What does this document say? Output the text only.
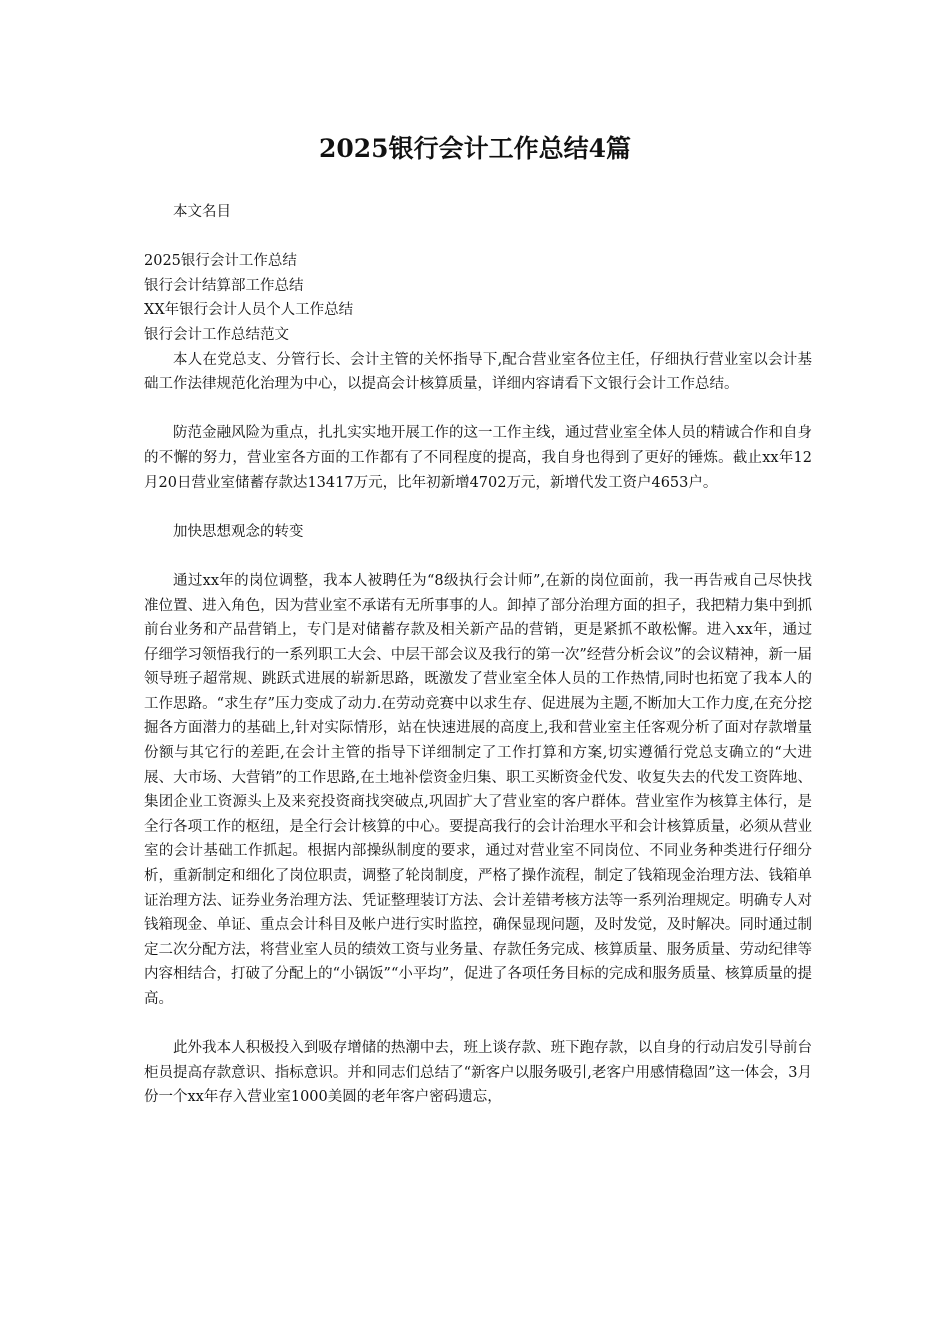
2025银行会计工作总结4篇

本文名目

2025银行会计工作总结

银行会计结算部工作总结

XX年银行会计人员个人工作总结

银行会计工作总结范文

本人在党总支、分管行长、会计主管的关怀指导下,配合营业室各位主任，仔细执行营业室以会计基础工作法律规范化治理为中心，以提高会计核算质量，详细内容请看下文银行会计工作总结。

防范金融风险为重点，扎扎实实地开展工作的这一工作主线，通过营业室全体人员的精诚合作和自身的不懈的努力，营业室各方面的工作都有了不同程度的提高，我自身也得到了更好的锤炼。截止xx年12月20日营业室储蓄存款达13417万元，比年初新增4702万元，新增代发工资户4653户。

加快思想观念的转变

通过xx年的岗位调整，我本人被聘任为“8级执行会计师”,在新的岗位面前，我一再告戒自己尽快找准位置、进入角色，因为营业室不承诺有无所事事的人。卸掉了部分治理方面的担子，我把精力集中到抓前台业务和产品营销上，专门是对储蓄存款及相关新产品的营销，更是紧抓不敢松懈。进入xx年，通过仔细学习领悟我行的一系列职工大会、中层干部会议及我行的第一次”经营分析会议”的会议精神，新一届领导班子超常规、跳跃式进展的崭新思路，既激发了营业室全体人员的工作热情,同时也拓宽了我本人的工作思路。“求生存”压力变成了动力.在劳动竞赛中以求生存、促进展为主题,不断加大工作力度,在充分挖掘各方面潜力的基础上,针对实际情形，站在快速进展的高度上,我和营业室主任客观分析了面对存款增量份额与其它行的差距,在会计主管的指导下详细制定了工作打算和方案,切实遵循行党总支确立的“大进展、大市场、大营销”的工作思路,在土地补偿资金归集、职工买断资金代发、收复失去的代发工资阵地、集团企业工资源头上及来兖投资商找突破点,巩固扩大了营业室的客户群体。营业室作为核算主体行，是全行各项工作的枢纽，是全行会计核算的中心。要提高我行的会计治理水平和会计核算质量，必须从营业室的会计基础工作抓起。根据内部操纵制度的要求，通过对营业室不同岗位、不同业务种类进行仔细分析，重新制定和细化了岗位职责，调整了轮岗制度，严格了操作流程，制定了钱箱现金治理方法、钱箱单证治理方法、证券业务治理方法、凭证整理装订方法、会计差错考核方法等一系列治理规定。明确专人对钱箱现金、单证、重点会计科目及帐户进行实时监控，确保显现问题，及时发觉，及时解决。同时通过制定二次分配方法，将营业室人员的绩效工资与业务量、存款任务完成、核算质量、服务质量、劳动纪律等内容相结合，打破了分配上的“小锅饭”“小平均”，促进了各项任务目标的完成和服务质量、核算质量的提高。

此外我本人积极投入到吸存增储的热潮中去，班上谈存款、班下跑存款，以自身的行动启发引导前台柜员提高存款意识、指标意识。并和同志们总结了“新客户以服务吸引,老客户用感情稳固”这一体会，3月份一个xx年存入营业室1000美圆的老年客户密码遗忘，
